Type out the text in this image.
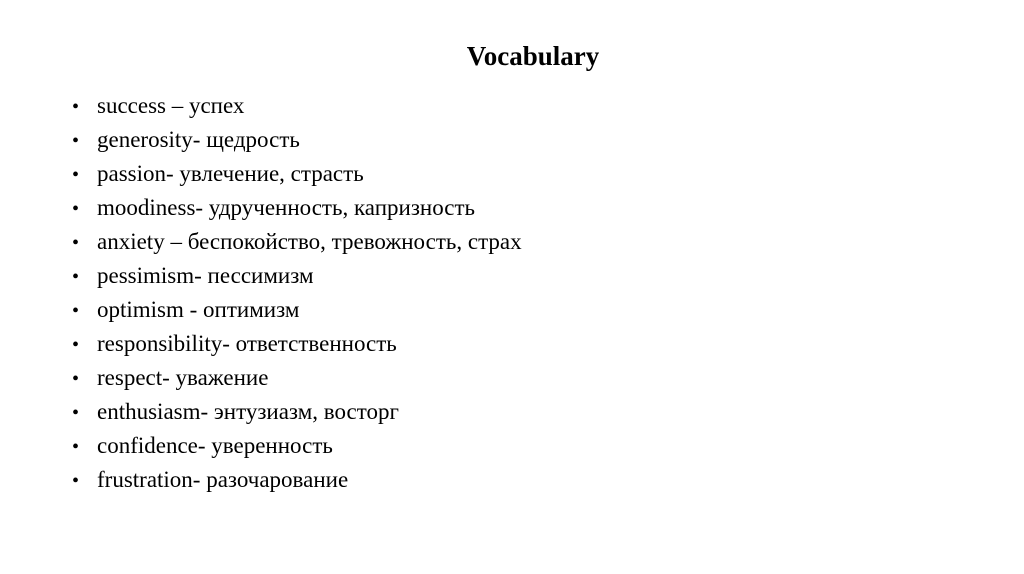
Vocabulary
• success – успех
• generosity- щедрость
• passion- увлечение, страсть
• moodiness- удрученность, капризность
• anxiety – беспокойство, тревожность, страх
• pessimism- пессимизм
• optimism - оптимизм
• responsibility- ответственность
• respect- уважение
• enthusiasm- энтузиазм, восторг
• confidence- уверенность
• frustration- разочарование
